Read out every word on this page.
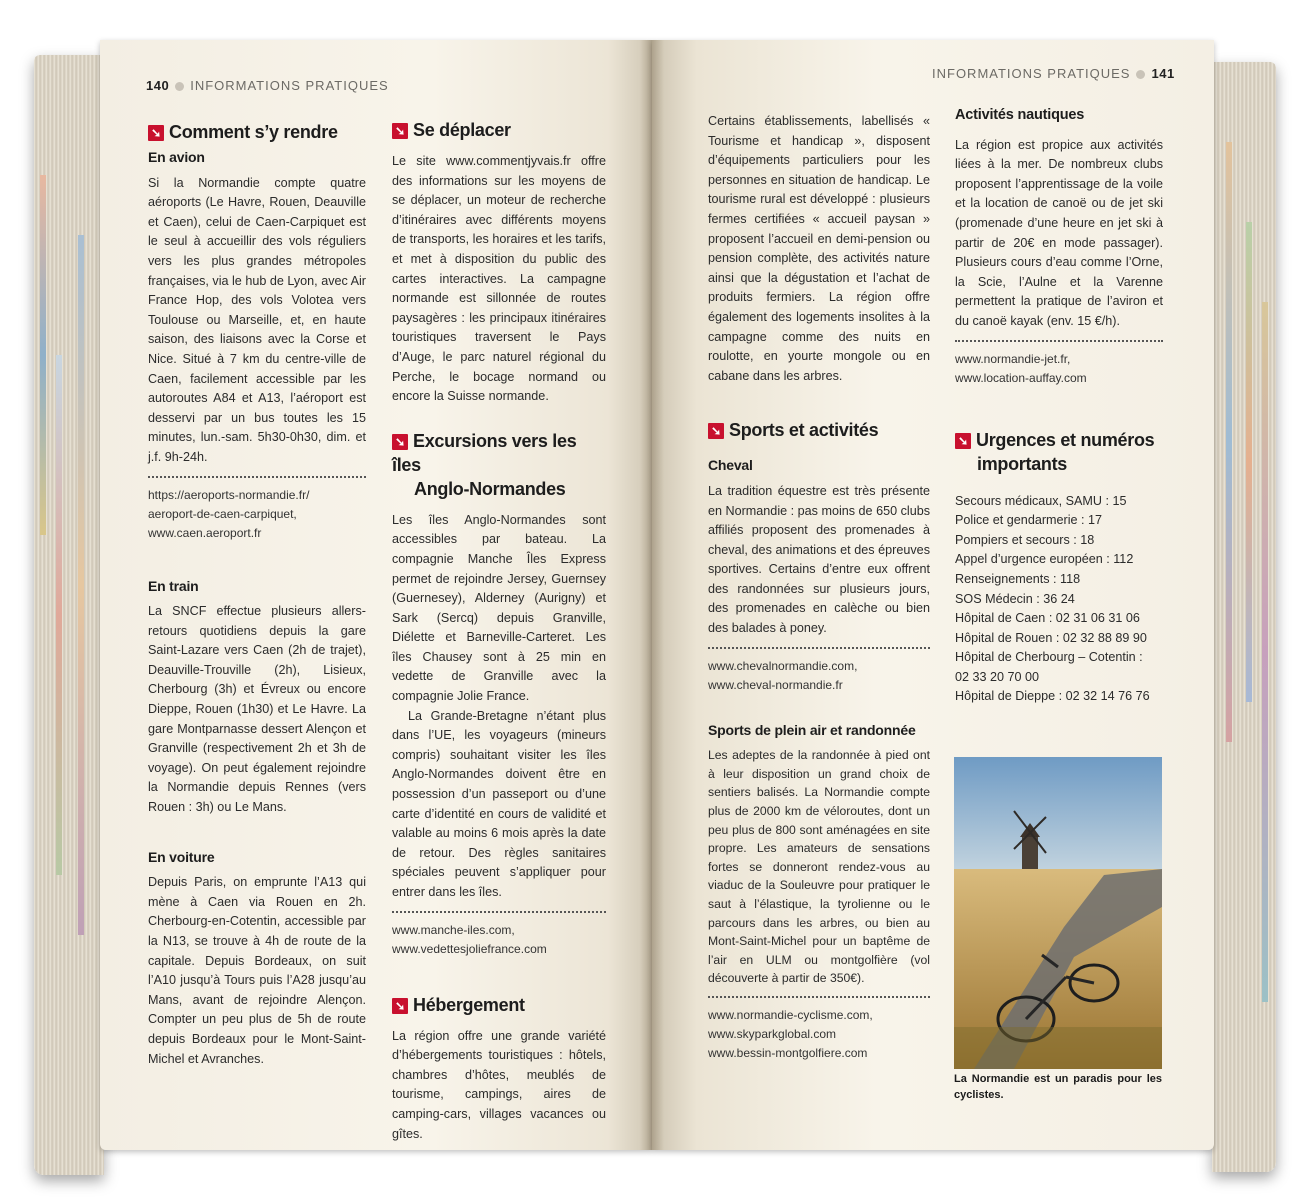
140 INFORMATIONS PRATIQUES
INFORMATIONS PRATIQUES 141
➘ Comment s’y rendre
En avion

Si la Normandie compte quatre aéroports (Le Havre, Rouen, Deauville et Caen), celui de Caen-Carpiquet est le seul à accueillir des vols réguliers vers les plus grandes métropoles françaises, via le hub de Lyon, avec Air France Hop, des vols Volotea vers Toulouse ou Marseille, et, en haute saison, des liaisons avec la Corse et Nice. Situé à 7 km du centre-ville de Caen, facilement accessible par les autoroutes A84 et A13, l’aéroport est desservi par un bus toutes les 15 minutes, lun.-sam. 5h30-0h30, dim. et j.f. 9h-24h.

https://aeroports-normandie.fr/
aeroport-de-caen-carpiquet,
www.caen.aeroport.fr
En train

La SNCF effectue plusieurs allers-retours quotidiens depuis la gare Saint-Lazare vers Caen (2h de trajet), Deauville-Trouville (2h), Lisieux, Cherbourg (3h) et Évreux ou encore Dieppe, Rouen (1h30) et Le Havre. La gare Montparnasse dessert Alençon et Granville (respectivement 2h et 3h de voyage). On peut également rejoindre la Normandie depuis Rennes (vers Rouen : 3h) ou Le Mans.

En voiture

Depuis Paris, on emprunte l’A13 qui mène à Caen via Rouen en 2h. Cherbourg-en-Cotentin, accessible par la N13, se trouve à 4h de route de la capitale. Depuis Bordeaux, on suit l’A10 jusqu’à Tours puis l’A28 jusqu’au Mans, avant de rejoindre Alençon. Compter un peu plus de 5h de route depuis Bordeaux pour le Mont-Saint-Michel et Avranches.

➘ Se déplacer

Le site www.commentjyvais.fr offre des informations sur les moyens de se déplacer, un moteur de recherche d’itinéraires avec différents moyens de transports, les horaires et les tarifs, et met à disposition du public des cartes interactives. La campagne normande est sillonnée de routes paysagères : les principaux itinéraires touristiques traversent le Pays d’Auge, le parc naturel régional du Perche, le bocage normand ou encore la Suisse normande.

➘ Excursions vers les îles
Anglo-Normandes

Les îles Anglo-Normandes sont accessibles par bateau. La compagnie Manche Îles Express permet de rejoindre Jersey, Guernsey (Guernesey), Alderney (Aurigny) et Sark (Sercq) depuis Granville, Diélette et Barneville-Carteret. Les îles Chausey sont à 25 min en vedette de Granville avec la compagnie Jolie France.

La Grande-Bretagne n’étant plus dans l’UE, les voyageurs (mineurs compris) souhaitant visiter les îles Anglo-Normandes doivent être en possession d’un passeport ou d’une carte d’identité en cours de validité et valable au moins 6 mois après la date de retour. Des règles sanitaires spéciales peuvent s’appliquer pour entrer dans les îles.

www.manche-iles.com,
www.vedettesjoliefrance.com
➘ Hébergement

La région offre une grande variété d’hébergements touristiques : hôtels, chambres d’hôtes, meublés de tourisme, campings, aires de camping-cars, villages vacances ou gîtes.

Certains établissements, labellisés « Tourisme et handicap », disposent d’équipements particuliers pour les personnes en situation de handicap. Le tourisme rural est développé : plusieurs fermes certifiées « accueil paysan » proposent l’accueil en demi-pension ou pension complète, des activités nature ainsi que la dégustation et l’achat de produits fermiers. La région offre également des logements insolites à la campagne comme des nuits en roulotte, en yourte mongole ou en cabane dans les arbres.

➘ Sports et activités
Cheval

La tradition équestre est très présente en Normandie : pas moins de 650 clubs affiliés proposent des promenades à cheval, des animations et des épreuves sportives. Certains d’entre eux offrent des randonnées sur plusieurs jours, des promenades en calèche ou bien des balades à poney.

www.chevalnormandie.com,
www.cheval-normandie.fr
Sports de plein air et randonnée

Les adeptes de la randonnée à pied ont à leur disposition un grand choix de sentiers balisés. La Normandie compte plus de 2000 km de véloroutes, dont un peu plus de 800 sont aménagées en site propre. Les amateurs de sensations fortes se donneront rendez-vous au viaduc de la Souleuvre pour pratiquer le saut à l’élastique, la tyrolienne ou le parcours dans les arbres, ou bien au Mont-Saint-Michel pour un baptême de l’air en ULM ou montgolfière (vol découverte à partir de 350€).

www.normandie-cyclisme.com,
www.skyparkglobal.com
www.bessin-montgolfiere.com
Activités nautiques

La région est propice aux activités liées à la mer. De nombreux clubs proposent l’apprentissage de la voile et la location de canoë ou de jet ski (promenade d’une heure en jet ski à partir de 20€ en mode passager). Plusieurs cours d’eau comme l’Orne, la Scie, l’Aulne et la Varenne permettent la pratique de l’aviron et du canoë kayak (env. 15 €/h).

www.normandie-jet.fr,
www.location-auffay.com
➘ Urgences et numéros
importants
Secours médicaux, SAMU : 15
Police et gendarmerie : 17
Pompiers et secours : 18
Appel d’urgence européen : 112
Renseignements : 118
SOS Médecin : 36 24
Hôpital de Caen : 02 31 06 31 06
Hôpital de Rouen : 02 32 88 89 90
Hôpital de Cherbourg – Cotentin :
02 33 20 70 00
Hôpital de Dieppe : 02 32 14 76 76
La Normandie est un paradis pour les cyclistes.
